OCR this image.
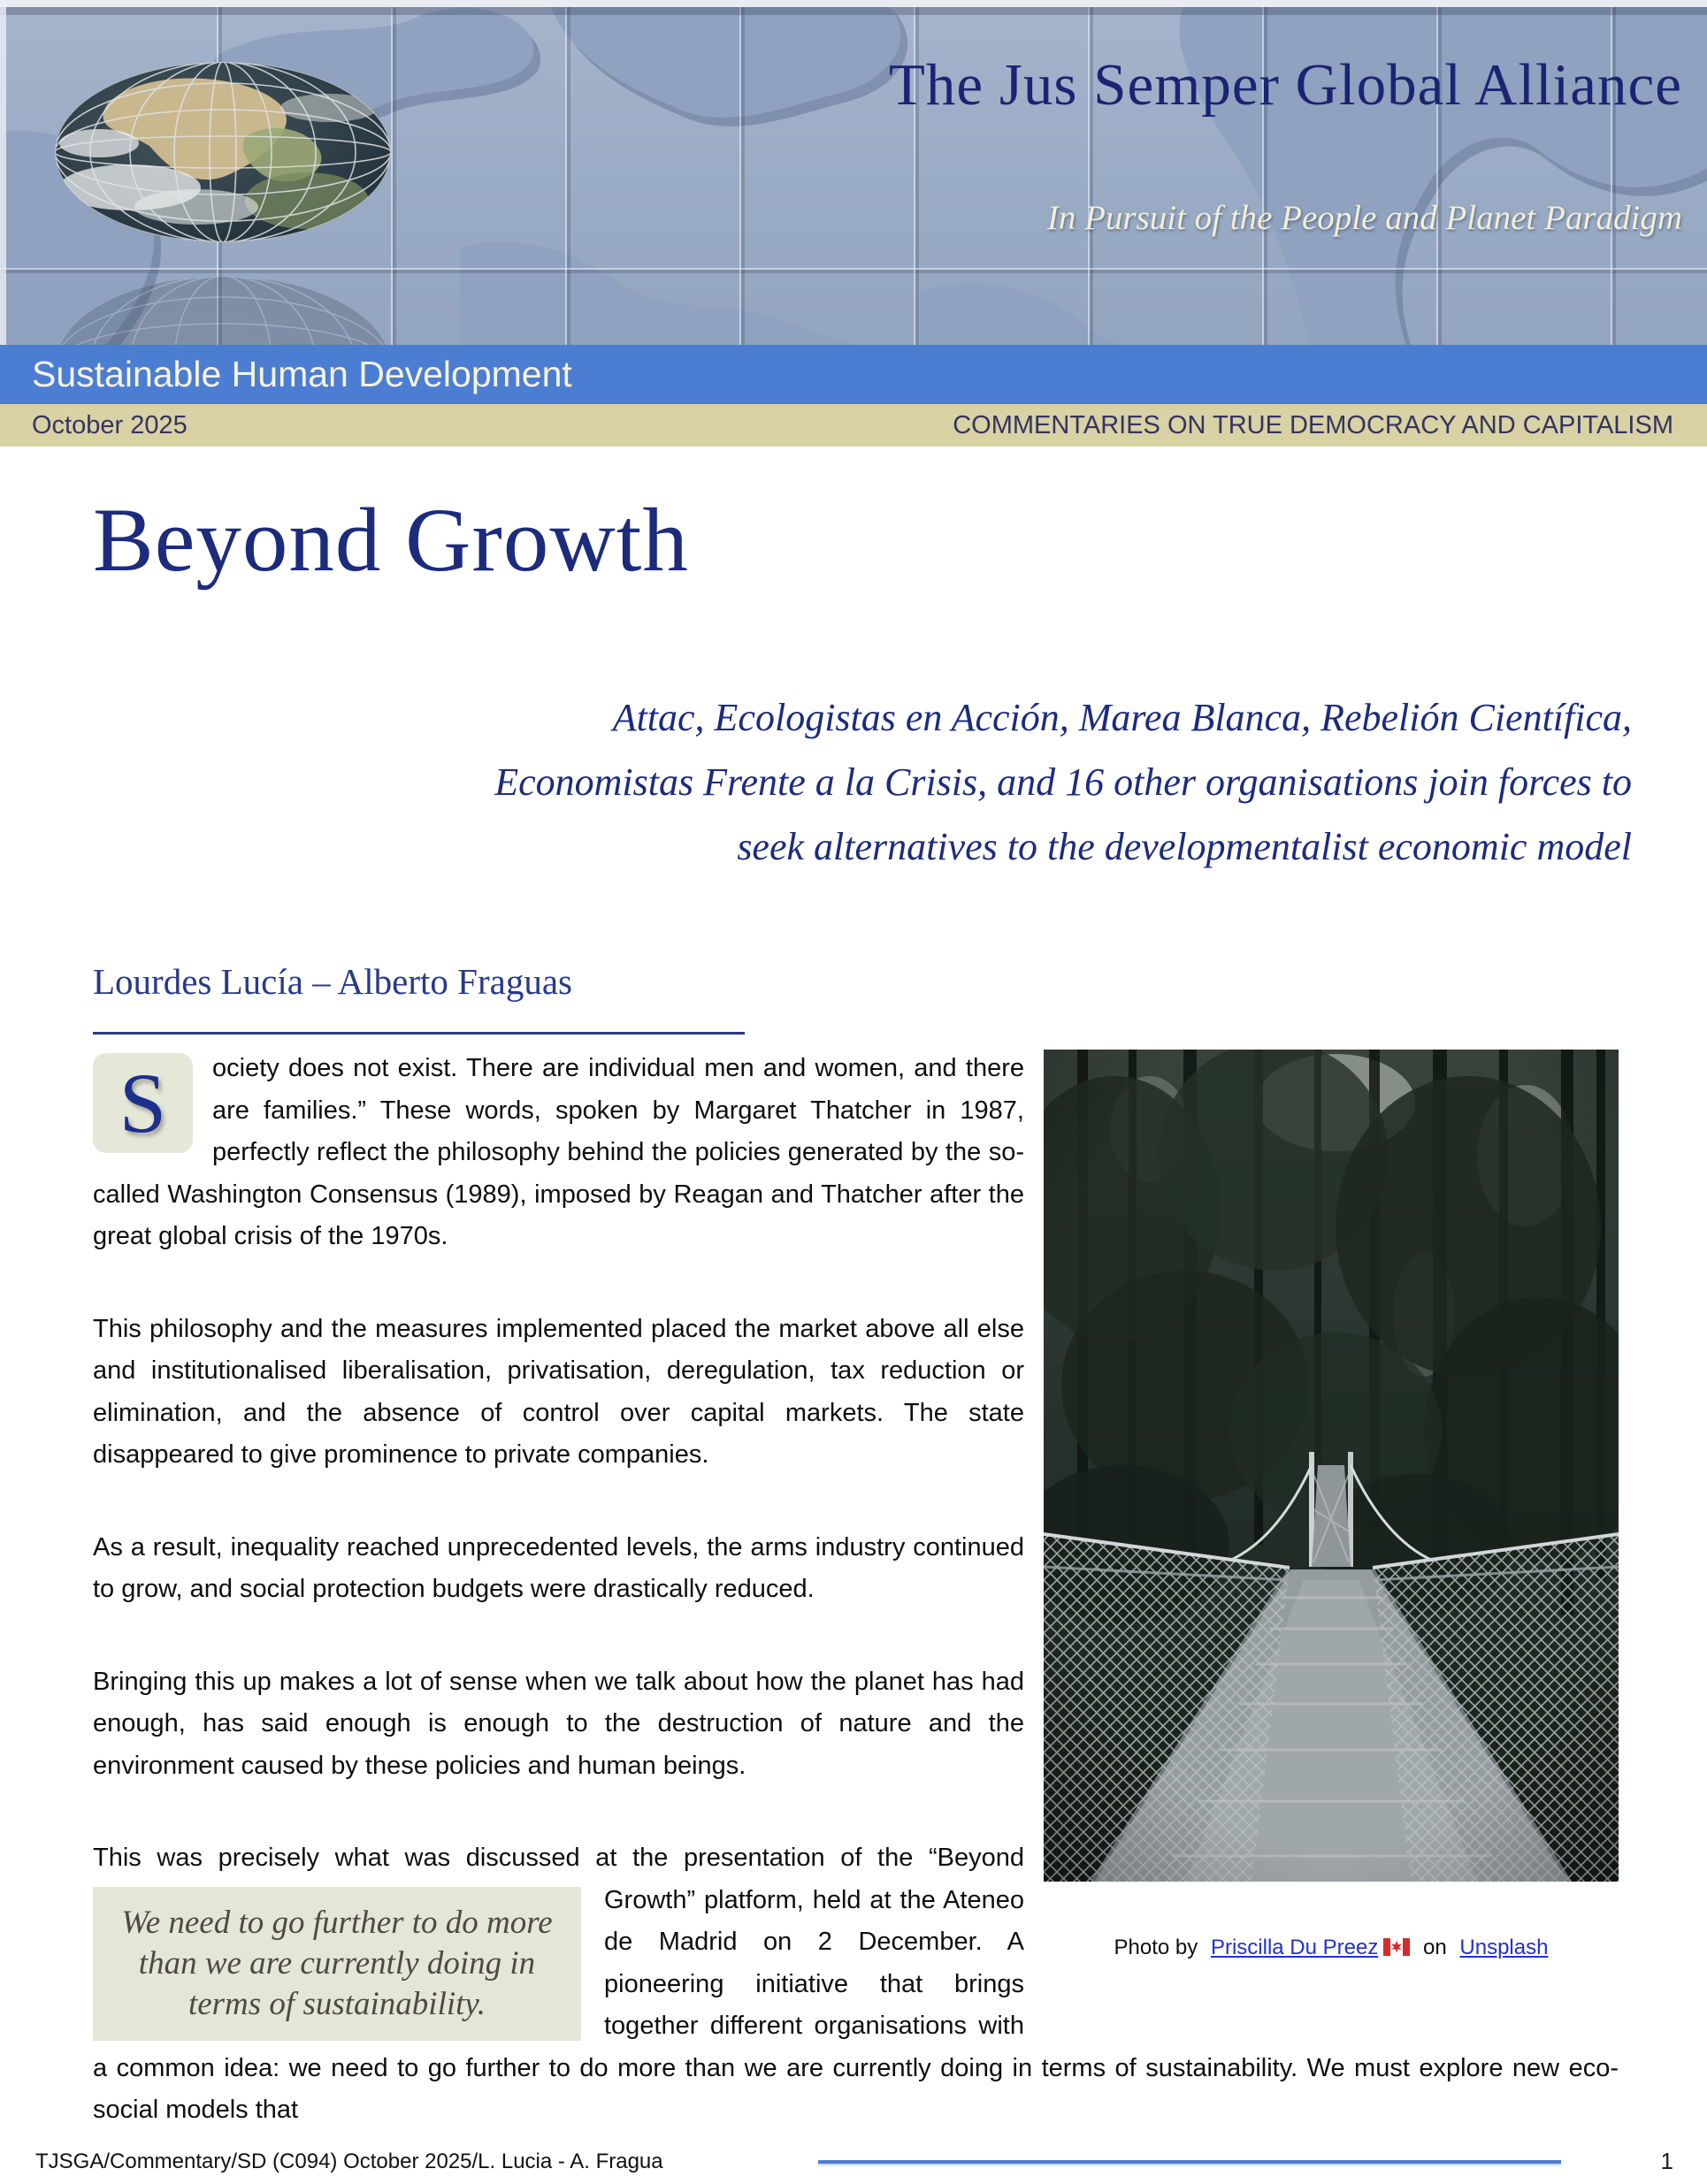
The Jus Semper Global Alliance
In Pursuit of the People and Planet Paradigm
Sustainable Human Development
October 2025	COMMENTARIES ON TRUE DEMOCRACY AND CAPITALISM
Beyond Growth
Attac, Ecologistas en Acción, Marea Blanca, Rebelión Científica,
Economistas Frente a la Crisis, and 16 other organisations join forces to
seek alternatives to the developmentalist economic model
Lourdes Lucía – Alberto Fraguas
Photo by Priscilla Du Preez on Unsplash

S ociety does not exist. There are individual men and women, and there are families.” These words, spoken by Margaret Thatcher in 1987, perfectly reflect the philosophy behind the policies generated by the so-called Washington Consensus (1989), imposed by Reagan and Thatcher after the great global crisis of the 1970s.

This philosophy and the measures implemented placed the market above all else and institutionalised liberalisation, privatisation, deregulation, tax reduction or elimination, and the absence of control over capital markets. The state disappeared to give prominence to private companies.

As a result, inequality reached unprecedented levels, the arms industry continued to grow, and social protection budgets were drastically reduced.

Bringing this up makes a lot of sense when we talk about how the planet has had enough, has said enough is enough to the destruction of nature and the environment caused by these policies and human beings.

This was precisely what was discussed at the presentation of the “Beyond
We need to go further to do more than we are currently doing in terms of sustainability.
Growth” platform, held at the Ateneo de Madrid on 2 December. A pioneering initiative that brings together different organisations with a common idea: we need to go further to do more than we are currently doing in terms of sustainability. We must explore new eco-social models that

TJSGA/Commentary/SD (C094) October 2025/L. Lucia - A. Fragua	1
